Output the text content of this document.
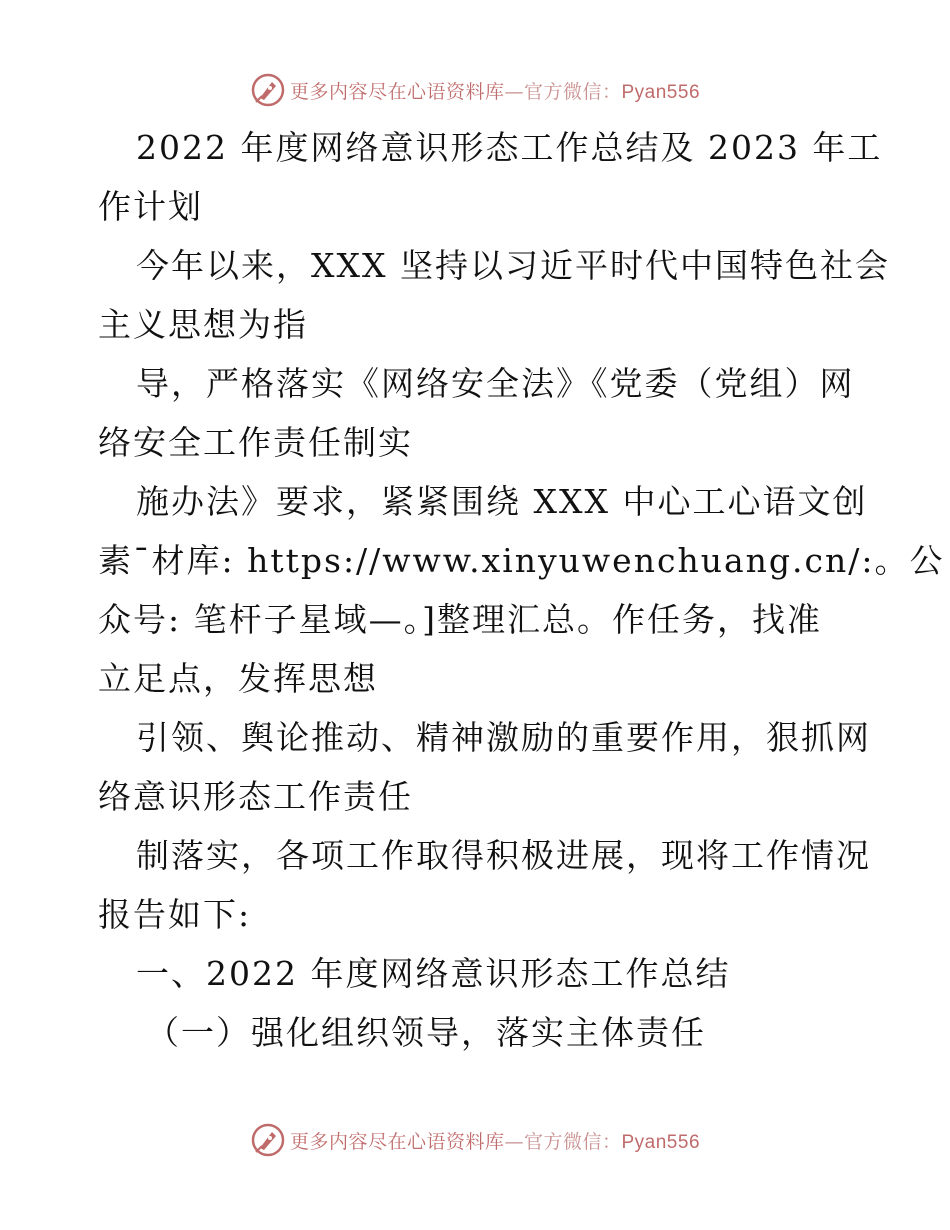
更多内容尽在心语资料库—官方微信：Pyan556
2022 年度网络意识形态工作总结及 2023 年工
作计划
今年以来，XXX 坚持以习近平时代中国特色社会
主义思想为指
导，严格落实《网络安全法》《党委（党组）网
络安全工作责任制实
施办法》要求，紧紧围绕 XXX 中心工心语文创
素¯材库: https://www.xinyuwenchuang.cn/:。公
众号: 笔杆子星域—。]整理汇总。作任务，找准
立足点，发挥思想
引领、舆论推动、精神激励的重要作用，狠抓网
络意识形态工作责任
制落实，各项工作取得积极进展，现将工作情况
报告如下:
一、2022 年度网络意识形态工作总结
（一）强化组织领导，落实主体责任
更多内容尽在心语资料库—官方微信：Pyan556
